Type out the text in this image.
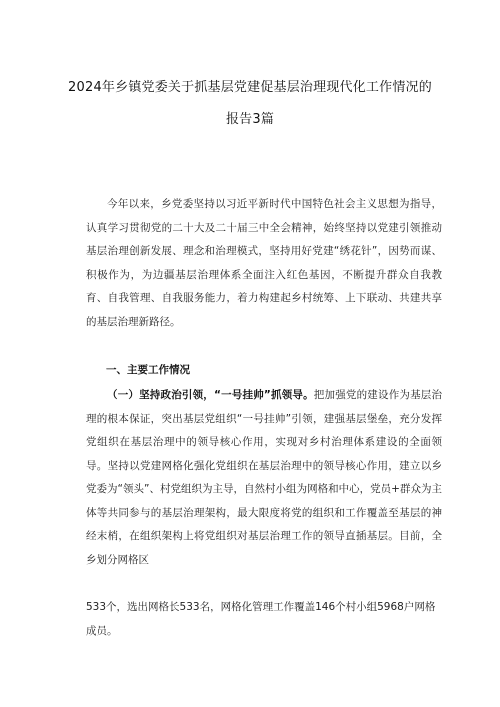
2024年乡镇党委关于抓基层党建促基层治理现代化工作情况的
报告3篇

今年以来，乡党委坚持以习近平新时代中国特色社会主义思想为指导，认真学习贯彻党的二十大及二十届三中全会精神，始终坚持以党建引领推动基层治理创新发展、理念和治理模式，坚持用好党建“绣花针”，因势而谋、积极作为，为边疆基层治理体系全面注入红色基因，不断提升群众自我教育、自我管理、自我服务能力，着力构建起乡村统筹、上下联动、共建共享的基层治理新路径。

一、主要工作情况

（一）坚持政治引领，“一号挂帅”抓领导。把加强党的建设作为基层治理的根本保证，突出基层党组织“一号挂帅”引领，建强基层堡垒，充分发挥党组织在基层治理中的领导核心作用，实现对乡村治理体系建设的全面领导。坚持以党建网格化强化党组织在基层治理中的领导核心作用，建立以乡党委为“领头”、村党组织为主导，自然村小组为网格和中心，党员+群众为主体等共同参与的基层治理架构，最大限度将党的组织和工作覆盖至基层的神经末梢，在组织架构上将党组织对基层治理工作的领导直插基层。目前，全乡划分网格区

533个，选出网格长533名，网格化管理工作覆盖146个村小组5968户网格
成员。
